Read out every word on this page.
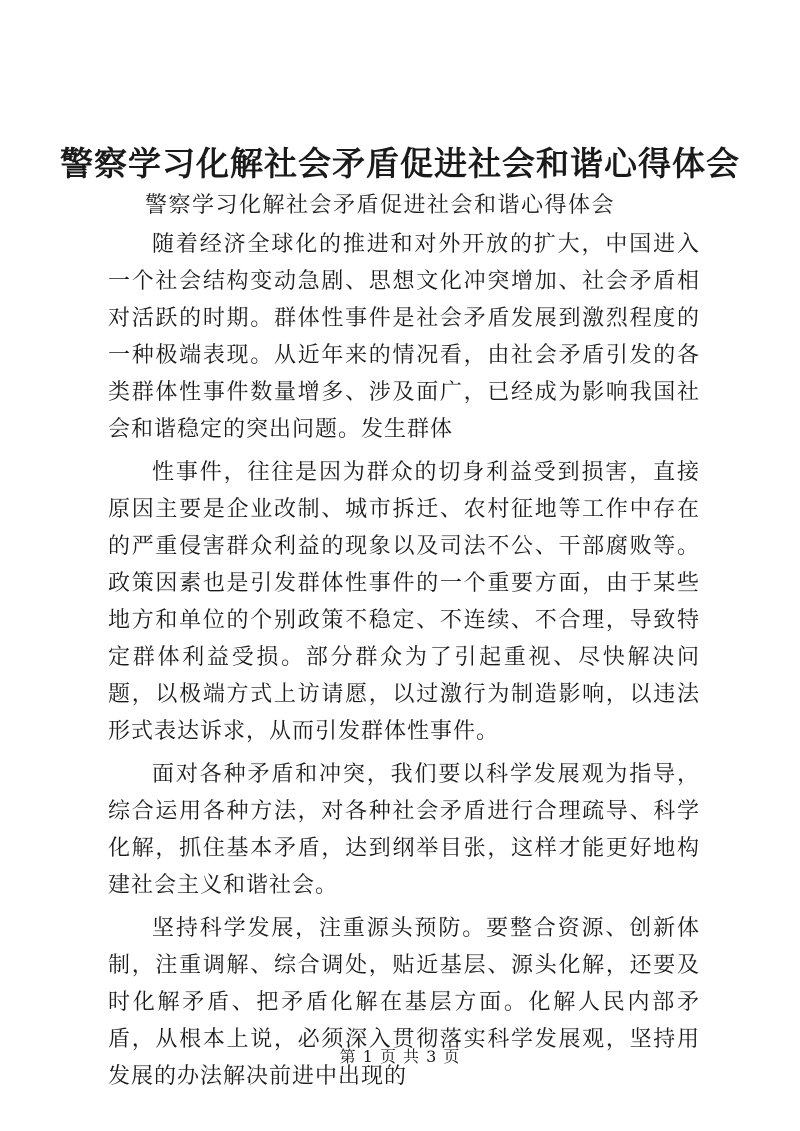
警察学习化解社会矛盾促进社会和谐心得体会

警察学习化解社会矛盾促进社会和谐心得体会

随着经济全球化的推进和对外开放的扩大，中国进入一个社会结构变动急剧、思想文化冲突增加、社会矛盾相对活跃的时期。群体性事件是社会矛盾发展到激烈程度的一种极端表现。从近年来的情况看，由社会矛盾引发的各类群体性事件数量增多、涉及面广，已经成为影响我国社会和谐稳定的突出问题。发生群体

性事件，往往是因为群众的切身利益受到损害，直接原因主要是企业改制、城市拆迁、农村征地等工作中存在的严重侵害群众利益的现象以及司法不公、干部腐败等。政策因素也是引发群体性事件的一个重要方面，由于某些地方和单位的个别政策不稳定、不连续、不合理，导致特定群体利益受损。部分群众为了引起重视、尽快解决问题，以极端方式上访请愿，以过激行为制造影响，以违法形式表达诉求，从而引发群体性事件。

面对各种矛盾和冲突，我们要以科学发展观为指导，综合运用各种方法，对各种社会矛盾进行合理疏导、科学化解，抓住基本矛盾，达到纲举目张，这样才能更好地构建社会主义和谐社会。

坚持科学发展，注重源头预防。要整合资源、创新体制，注重调解、综合调处，贴近基层、源头化解，还要及时化解矛盾、把矛盾化解在基层方面。化解人民内部矛盾，从根本上说，必须深入贯彻落实科学发展观，坚持用发展的办法解决前进中出现的

第 1 页 共 3 页
